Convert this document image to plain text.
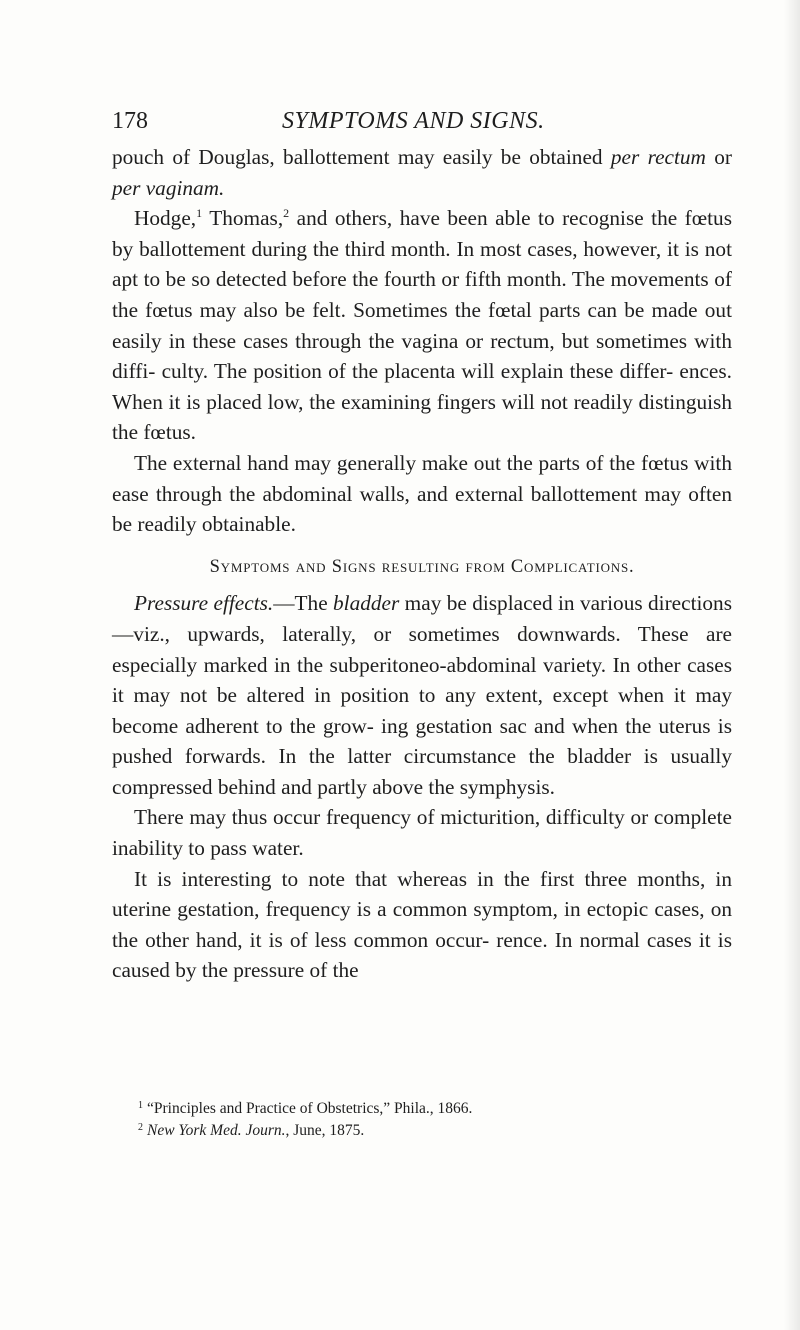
178	SYMPTOMS AND SIGNS.

pouch of Douglas, ballottement may easily be obtained per rectum or per vaginam.

Hodge,$^1$ Thomas,$^2$ and others, have been able to recognise the fœtus by ballottement during the third month. In most cases, however, it is not apt to be so detected before the fourth or fifth month. The movements of the fœtus may also be felt. Sometimes the fœtal parts can be made out easily in these cases through the vagina or rectum, but sometimes with diffi- culty. The position of the placenta will explain these differ- ences. When it is placed low, the examining fingers will not readily distinguish the fœtus.

The external hand may generally make out the parts of the fœtus with ease through the abdominal walls, and external ballottement may often be readily obtainable.

Symptoms and Signs resulting from Complications.

Pressure effects.—The bladder may be displaced in various directions—viz., upwards, laterally, or sometimes downwards. These are especially marked in the subperitoneo-abdominal variety. In other cases it may not be altered in position to any extent, except when it may become adherent to the grow- ing gestation sac and when the uterus is pushed forwards. In the latter circumstance the bladder is usually compressed behind and partly above the symphysis.

There may thus occur frequency of micturition, difficulty or complete inability to pass water.

It is interesting to note that whereas in the first three months, in uterine gestation, frequency is a common symptom, in ectopic cases, on the other hand, it is of less common occur- rence. In normal cases it is caused by the pressure of the

$^1$ “Principles and Practice of Obstetrics,” Phila., 1866.
$^2$ New York Med. Journ., June, 1875.
